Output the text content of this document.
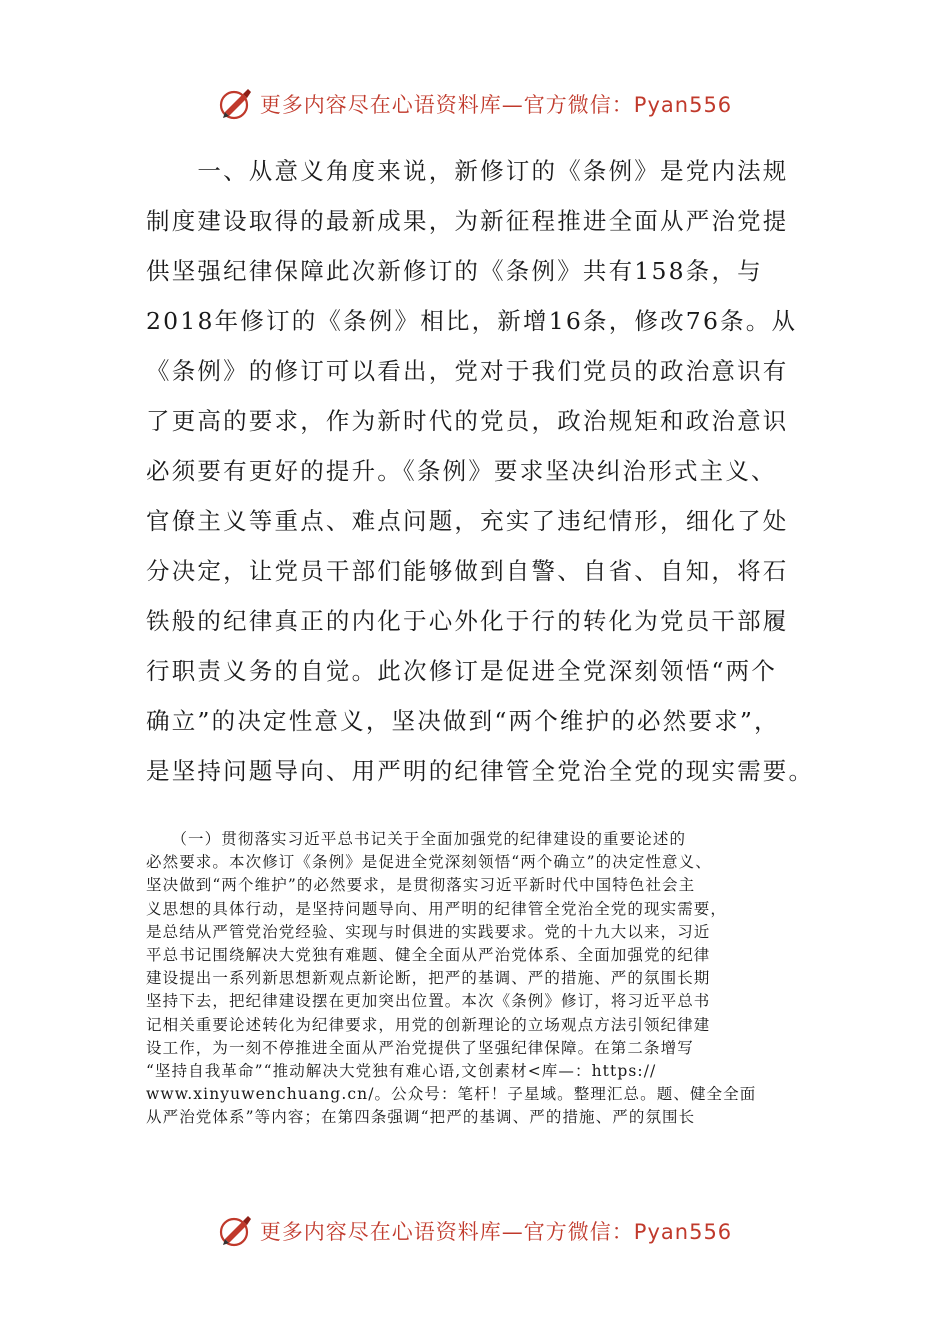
更多内容尽在心语资料库—官方微信：Pyan556
　　一、从意义角度来说，新修订的《条例》是党内法规
制度建设取得的最新成果，为新征程推进全面从严治党提
供坚强纪律保障此次新修订的《条例》共有158条，与
2018年修订的《条例》相比，新增16条，修改76条。从
《条例》的修订可以看出，党对于我们党员的政治意识有
了更高的要求，作为新时代的党员，政治规矩和政治意识
必须要有更好的提升。《条例》要求坚决纠治形式主义、
官僚主义等重点、难点问题，充实了违纪情形，细化了处
分决定，让党员干部们能够做到自警、自省、自知，将石
铁般的纪律真正的内化于心外化于行的转化为党员干部履
行职责义务的自觉。此次修订是促进全党深刻领悟“两个
确立”的决定性意义，坚决做到“两个维护的必然要求”，
是坚持问题导向、用严明的纪律管全党治全党的现实需要。
　　（一）贯彻落实习近平总书记关于全面加强党的纪律建设的重要论述的
必然要求。本次修订《条例》是促进全党深刻领悟“两个确立”的决定性意义、
坚决做到“两个维护”的必然要求，是贯彻落实习近平新时代中国特色社会主
义思想的具体行动，是坚持问题导向、用严明的纪律管全党治全党的现实需要，
是总结从严管党治党经验、实现与时俱进的实践要求。党的十九大以来，习近
平总书记围绕解决大党独有难题、健全全面从严治党体系、全面加强党的纪律
建设提出一系列新思想新观点新论断，把严的基调、严的措施、严的氛围长期
坚持下去，把纪律建设摆在更加突出位置。本次《条例》修订，将习近平总书
记相关重要论述转化为纪律要求，用党的创新理论的立场观点方法引领纪律建
设工作，为一刻不停推进全面从严治党提供了坚强纪律保障。在第二条增写
“坚持自我革命”“推动解决大党独有难心语,文创素材<库—：https://
www.xinyuwenchuang.cn/。公众号：笔杆！子星域。整理汇总。题、健全全面
从严治党体系”等内容；在第四条强调“把严的基调、严的措施、严的氛围长
更多内容尽在心语资料库—官方微信：Pyan556
